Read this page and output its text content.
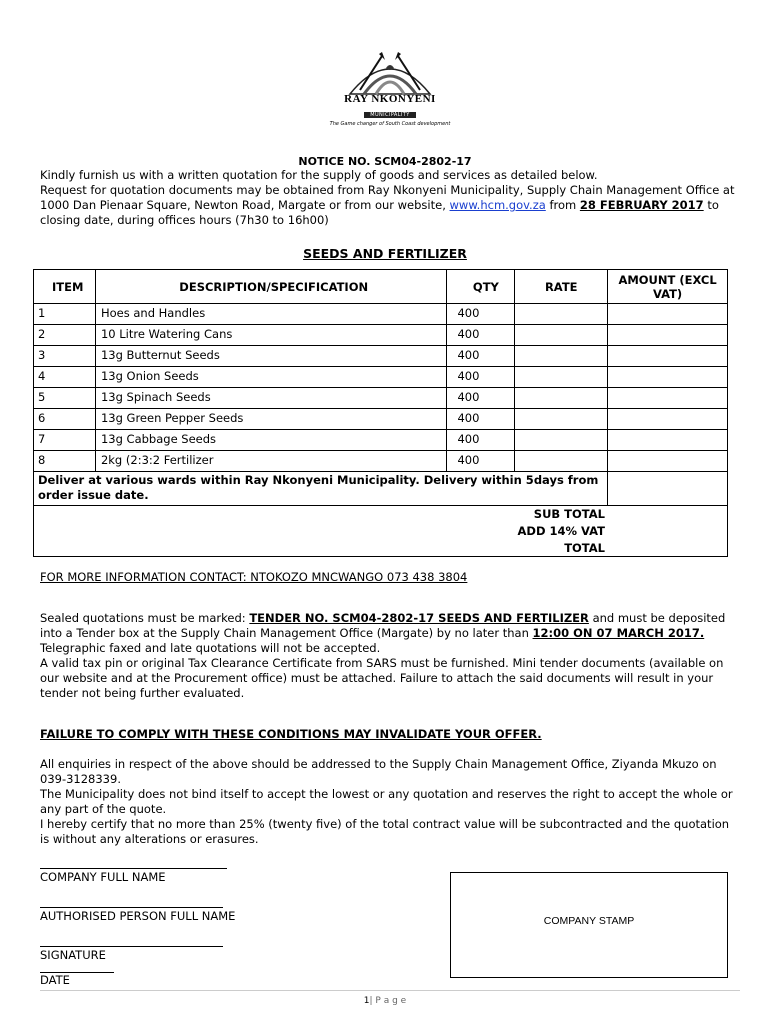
RAY NKONYENI
MUNICIPALITY
The Game changer of South Coast development
NOTICE NO. SCM04-2802-17
Kindly furnish us with a written quotation for the supply of goods and services as detailed below.
Request for quotation documents may be obtained from Ray Nkonyeni Municipality, Supply Chain Management Office at 1000 Dan Pienaar Square, Newton Road, Margate or from our website, www.hcm.gov.za from 28 FEBRUARY 2017 to closing date, during offices hours (7h30 to 16h00)
SEEDS AND FERTILIZER
ITEM	DESCRIPTION/SPECIFICATION	QTY	RATE	AMOUNT (EXCL VAT)
1	Hoes and Handles	400		
2	10 Litre Watering Cans	400		
3	13g Butternut Seeds	400		
4	13g Onion Seeds	400		
5	13g Spinach Seeds	400		
6	13g Green Pepper Seeds	400		
7	13g Cabbage Seeds	400		
8	2kg (2:3:2 Fertilizer	400		
Deliver at various wards within Ray Nkonyeni Municipality. Delivery within 5days from order issue date.				
SUB TOTAL				
ADD 14% VAT				
TOTAL				
FOR MORE INFORMATION CONTACT: NTOKOZO MNCWANGO 073 438 3804
Sealed quotations must be marked: TENDER NO. SCM04-2802-17 SEEDS AND FERTILIZER and must be deposited into a Tender box at the Supply Chain Management Office (Margate) by no later than 12:00 ON 07 MARCH 2017. Telegraphic faxed and late quotations will not be accepted.
A valid tax pin or original Tax Clearance Certificate from SARS must be furnished. Mini tender documents (available on our website and at the Procurement office) must be attached. Failure to attach the said documents will result in your tender not being further evaluated.
FAILURE TO COMPLY WITH THESE CONDITIONS MAY INVALIDATE YOUR OFFER.
All enquiries in respect of the above should be addressed to the Supply Chain Management Office, Ziyanda Mkuzo on 039-3128339.
The Municipality does not bind itself to accept the lowest or any quotation and reserves the right to accept the whole or any part of the quote.
I hereby certify that no more than 25% (twenty five) of the total contract value will be subcontracted and the quotation is without any alterations or erasures.
COMPANY FULL NAME
AUTHORISED PERSON FULL NAME
SIGNATURE
DATE
COMPANY STAMP
1| P a g e
